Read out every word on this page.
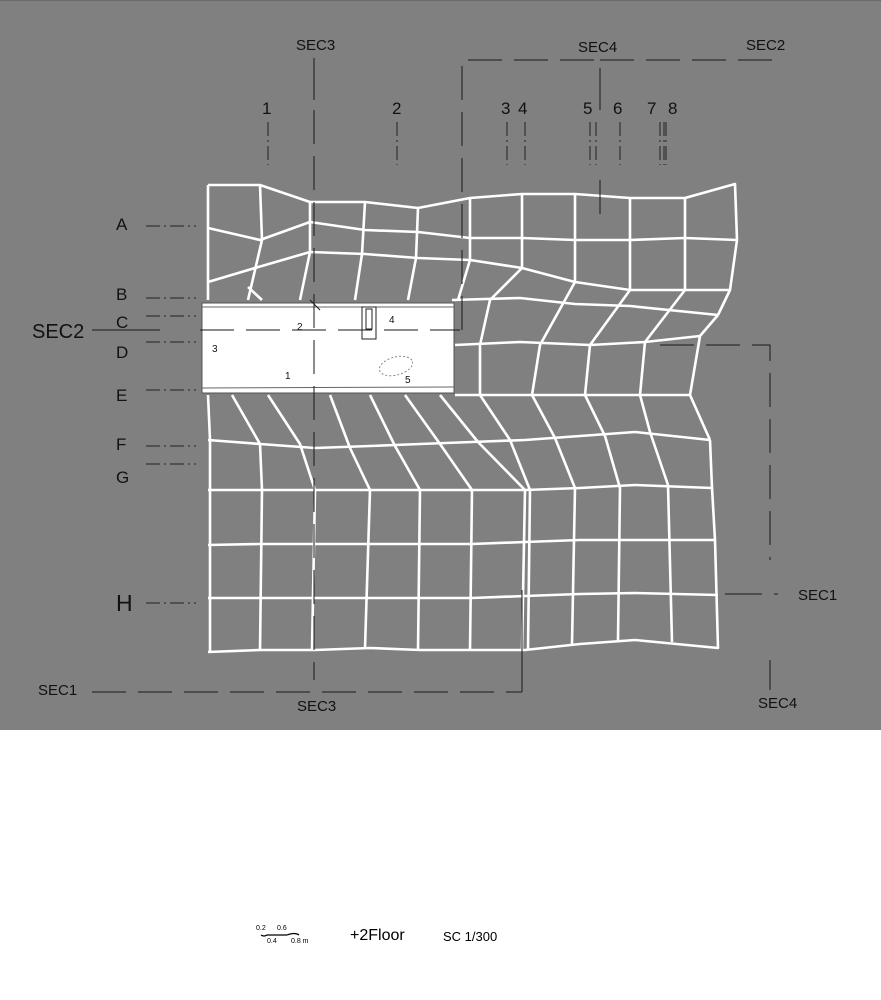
1	2	3 4	5 6 7 8
A
B
C
D
E
F
G
H
SEC3	SEC4	SEC2
SEC2
SEC1
SEC3
SEC1
SEC4
1
2
3
4
5
0.2 0.6
0.4 0.8 m	+2Floor	SC 1/300
